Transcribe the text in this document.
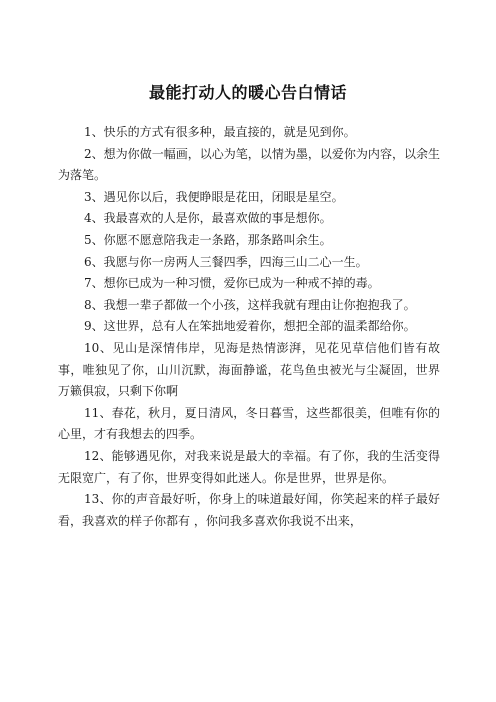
最能打动人的暖心告白情话

1、快乐的方式有很多种，最直接的，就是见到你。

2、想为你做一幅画，以心为笔，以情为墨，以爱你为内容，以余生为落笔。

3、遇见你以后，我便睁眼是花田，闭眼是星空。

4、我最喜欢的人是你，最喜欢做的事是想你。

5、你愿不愿意陪我走一条路，那条路叫余生。

6、我愿与你一房两人三餐四季，四海三山二心一生。

7、想你已成为一种习惯，爱你已成为一种戒不掉的毒。

8、我想一辈子都做一个小孩，这样我就有理由让你抱抱我了。

9、这世界，总有人在笨拙地爱着你，想把全部的温柔都给你。

10、见山是深情伟岸，见海是热情澎湃，见花见草信他们皆有故事，唯独见了你，山川沉默，海面静谧，花鸟鱼虫被光与尘凝固，世界万籁俱寂，只剩下你啊

11、春花，秋月，夏日清风，冬日暮雪，这些都很美，但唯有你的心里，才有我想去的四季。

12、能够遇见你，对我来说是最大的幸福。有了你，我的生活变得无限宽广，有了你，世界变得如此迷人。你是世界，世界是你。

13、你的声音最好听，你身上的味道最好闻，你笑起来的样子最好看，我喜欢的样子你都有 ，你问我多喜欢你我说不出来，
